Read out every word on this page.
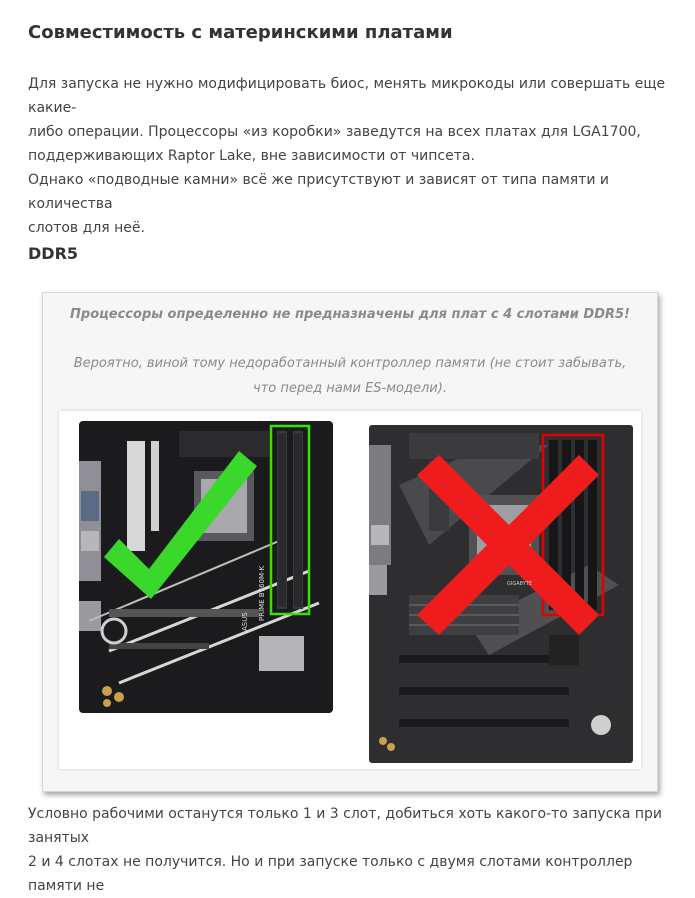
Совместимость с материнскими платами
Для запуска не нужно модифицировать биос, менять микрокоды или совершать еще какие-
либо операции. Процессоры «из коробки» заведутся на всех платах для LGA1700,
поддерживающих Raptor Lake, вне зависимости от чипсета.
Однако «подводные камни» всё же присутствуют и зависят от типа памяти и количества
слотов для неё.
DDR5
Процессоры определенно не предназначены для плат с 4 слотами DDR5!
Вероятно, виной тому недоработанный контроллер памяти (не стоит забывать,
что перед нами ES-модели).
PRIME B760M-K
ASUS
GIGABYTE
Условно рабочими останутся только 1 и 3 слот, добиться хоть какого-то запуска при занятых
2 и 4 слотах не получится. Но и при запуске только с двумя слотами контроллер памяти не
